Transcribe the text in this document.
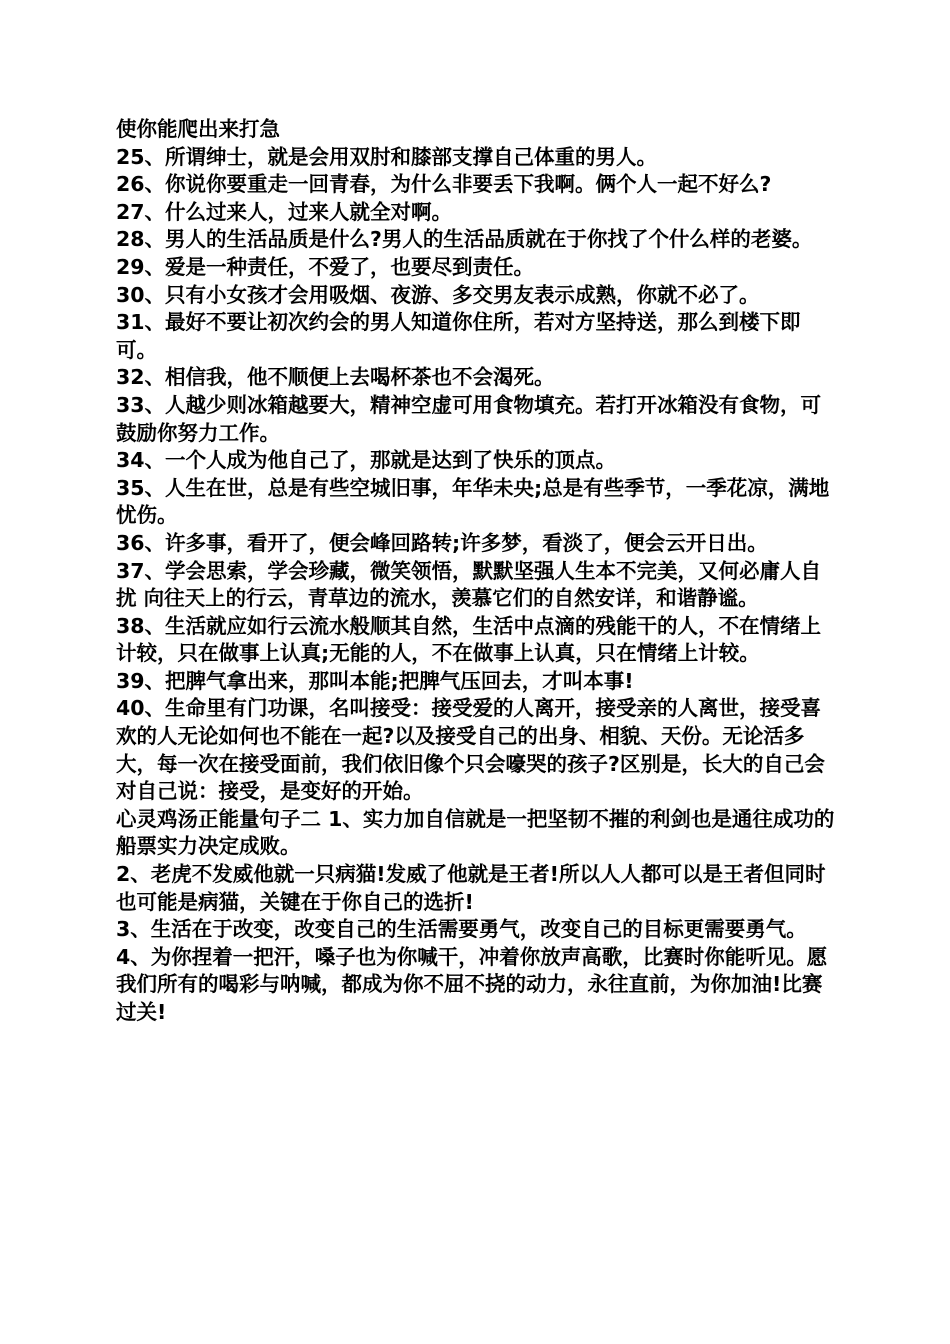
使你能爬出来打急

25、所谓绅士，就是会用双肘和膝部支撑自己体重的男人。

26、你说你要重走一回青春，为什么非要丢下我啊。俩个人一起不好么?

27、什么过来人，过来人就全对啊。

28、男人的生活品质是什么?男人的生活品质就在于你找了个什么样的老婆。

29、爱是一种责任，不爱了，也要尽到责任。

30、只有小女孩才会用吸烟、夜游、多交男友表示成熟，你就不必了。

31、最好不要让初次约会的男人知道你住所，若对方坚持送，那么到楼下即可。

32、相信我，他不顺便上去喝杯茶也不会渴死。

33、人越少则冰箱越要大，精神空虚可用食物填充。若打开冰箱没有食物，可鼓励你努力工作。

34、一个人成为他自己了，那就是达到了快乐的顶点。

35、人生在世，总是有些空城旧事，年华未央;总是有些季节，一季花凉，满地忧伤。

36、许多事，看开了，便会峰回路转;许多梦，看淡了，便会云开日出。

37、学会思索，学会珍藏，微笑领悟，默默坚强人生本不完美，又何必庸人自扰 向往天上的行云，青草边的流水，羡慕它们的自然安详，和谐静谧。

38、生活就应如行云流水般顺其自然，生活中点滴的残能干的人，不在情绪上计较，只在做事上认真;无能的人，不在做事上认真，只在情绪上计较。

39、把脾气拿出来，那叫本能;把脾气压回去，才叫本事!

40、生命里有门功课，名叫接受：接受爱的人离开，接受亲的人离世，接受喜欢的人无论如何也不能在一起?以及接受自己的出身、相貌、天份。无论活多大，每一次在接受面前，我们依旧像个只会嚎哭的孩子?区别是，长大的自己会对自己说：接受，是变好的开始。

心灵鸡汤正能量句子二 1、实力加自信就是一把坚韧不摧的利剑也是通往成功的船票实力决定成败。

2、老虎不发威他就一只病猫!发威了他就是王者!所以人人都可以是王者但同时也可能是病猫，关键在于你自己的选折!

3、生活在于改变，改变自己的生活需要勇气，改变自己的目标更需要勇气。

4、为你捏着一把汗，嗓子也为你喊干，冲着你放声高歌，比赛时你能听见。愿我们所有的喝彩与呐喊，都成为你不屈不挠的动力，永往直前，为你加油!比赛过关!
